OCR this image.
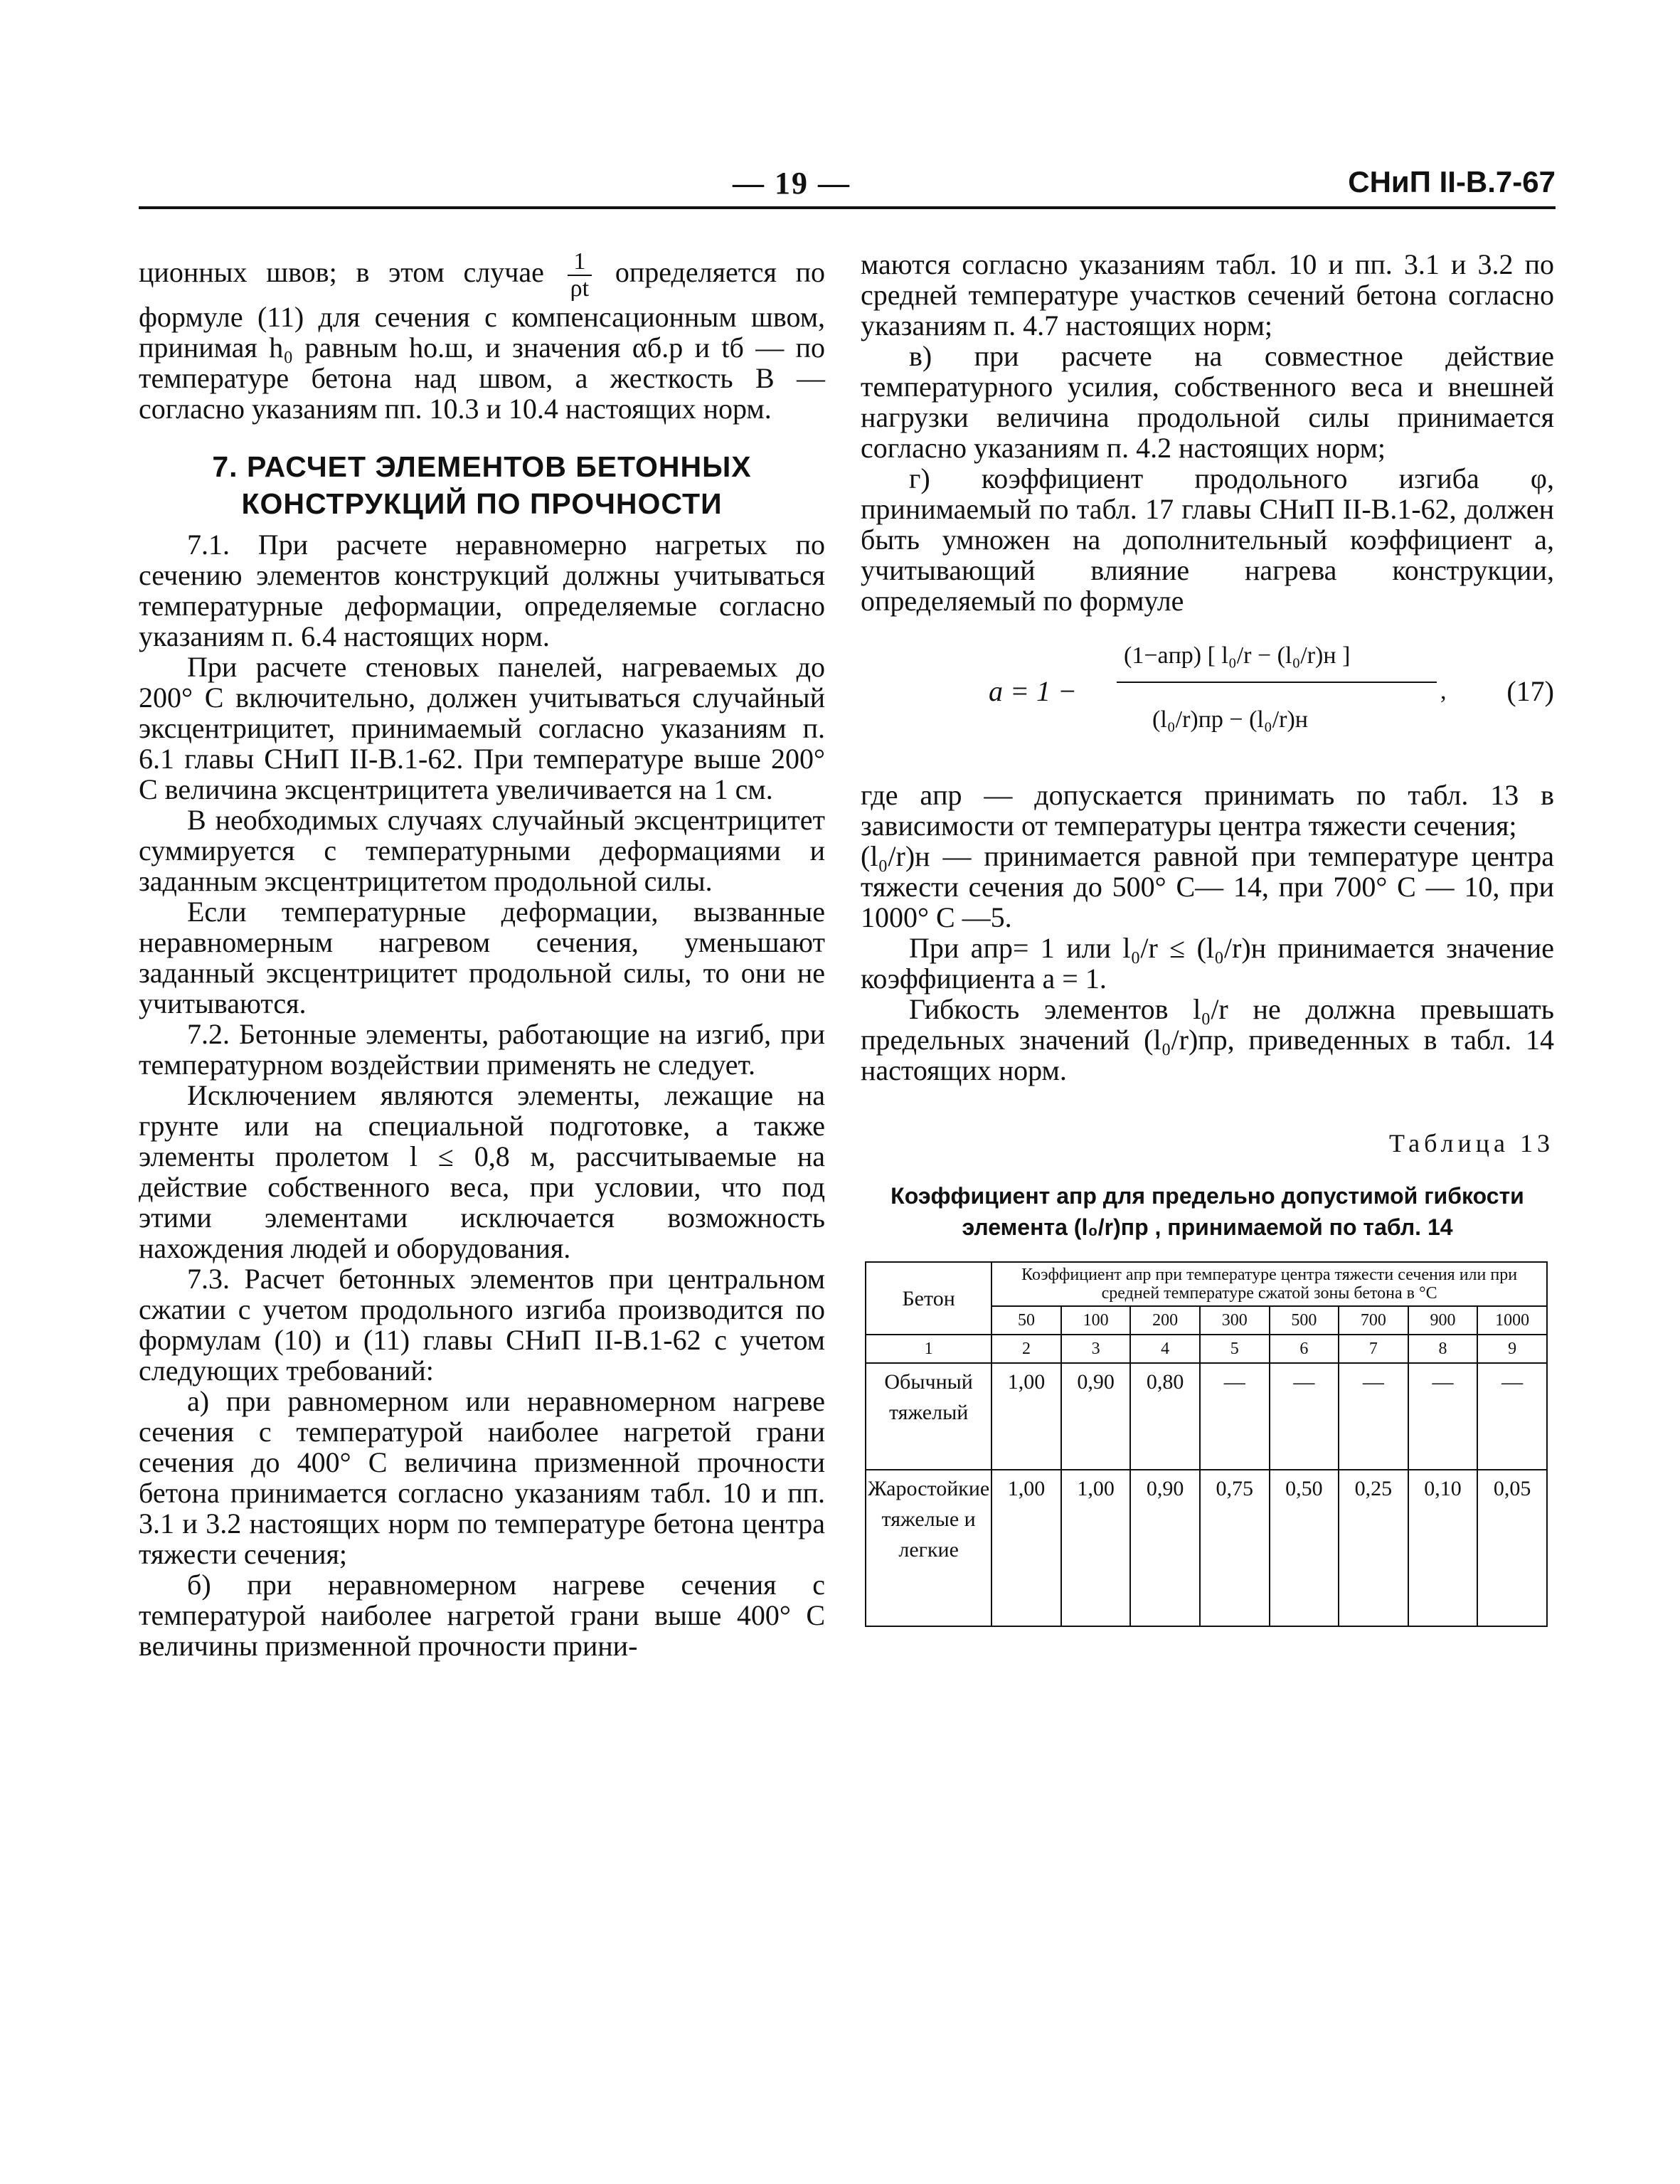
— 19 —	СНиП II-В.7-67

ционных швов; в этом случае $\frac{1}{\rho t}$ определяется по формуле (11) для сечения с компенсационным швом, принимая h₀ равным hо.ш, и значения αб.р и tб — по температуре бетона над швом, а жесткость B — согласно указаниям пп. 10.3 и 10.4 настоящих норм.

7. РАСЧЕТ ЭЛЕМЕНТОВ БЕТОННЫХ КОНСТРУКЦИЙ ПО ПРОЧНОСТИ

7.1. При расчете неравномерно нагретых по сечению элементов конструкций должны учитываться температурные деформации, определяемые согласно указаниям п. 6.4 настоящих норм.

При расчете стеновых панелей, нагреваемых до 200° С включительно, должен учитываться случайный эксцентрицитет, принимаемый согласно указаниям п. 6.1 главы СНиП II-В.1-62. При температуре выше 200° С величина эксцентрицитета увеличивается на 1 см.

В необходимых случаях случайный эксцентрицитет суммируется с температурными деформациями и заданным эксцентрицитетом продольной силы.

Если температурные деформации, вызванные неравномерным нагревом сечения, уменьшают заданный эксцентрицитет продольной силы, то они не учитываются.

7.2. Бетонные элементы, работающие на изгиб, при температурном воздействии применять не следует.

Исключением являются элементы, лежащие на грунте или на специальной подготовке, а также элементы пролетом l ≤ 0,8 м, рассчитываемые на действие собственного веса, при условии, что под этими элементами исключается возможность нахождения людей и оборудования.

7.3. Расчет бетонных элементов при центральном сжатии с учетом продольного изгиба производится по формулам (10) и (11) главы СНиП II-В.1-62 с учетом следующих требований:

а) при равномерном или неравномерном нагреве сечения с температурой наиболее нагретой грани сечения до 400° С величина призменной прочности бетона принимается согласно указаниям табл. 10 и пп. 3.1 и 3.2 настоящих норм по температуре бетона центра тяжести сечения;

б) при неравномерном нагреве сечения с температурой наиболее нагретой грани выше 400° С величины призменной прочности прини-

маются согласно указаниям табл. 10 и пп. 3.1 и 3.2 по средней температуре участков сечений бетона согласно указаниям п. 4.7 настоящих норм;

в) при расчете на совместное действие температурного усилия, собственного веса и внешней нагрузки величина продольной силы принимается согласно указаниям п. 4.2 настоящих норм;

г) коэффициент продольного изгиба φ, принимаемый по табл. 17 главы СНиП II-В.1-62, должен быть умножен на дополнительный коэффициент a, учитывающий влияние нагрева конструкции, определяемый по формуле

a = 1 −
(1−aпр) [ l₀/r − (l₀/r)н ]
(l₀/r)пр − (l₀/r)н
, (17)

где aпр — допускается принимать по табл. 13 в зависимости от температуры центра тяжести сечения;

(l₀/r)н — принимается равной при температуре центра тяжести сечения до 500° С— 14, при 700° С — 10, при 1000° С —5.

При aпр= 1 или l₀/r ≤ (l₀/r)н принимается значение коэффициента a = 1.

Гибкость элементов l₀/r не должна превышать предельных значений (l₀/r)пр, приведенных в табл. 14 настоящих норм.

Таблица 13
Коэффициент aпр для предельно допустимой гибкости
элемента (l₀/r)пр , принимаемой по табл. 14
Бетон	Коэффициент aпр при температуре центра тяжести сечения или при средней температуре сжатой зоны бетона в °С							
	50	100	200	300	500	700	900	1000
1	2	3	4	5	6	7	8	9
Обычный тяжелый	1,00	0,90	0,80	—	—	—	—	—
Жаростойкие тяжелые и легкие	1,00	1,00	0,90	0,75	0,50	0,25	0,10	0,05
